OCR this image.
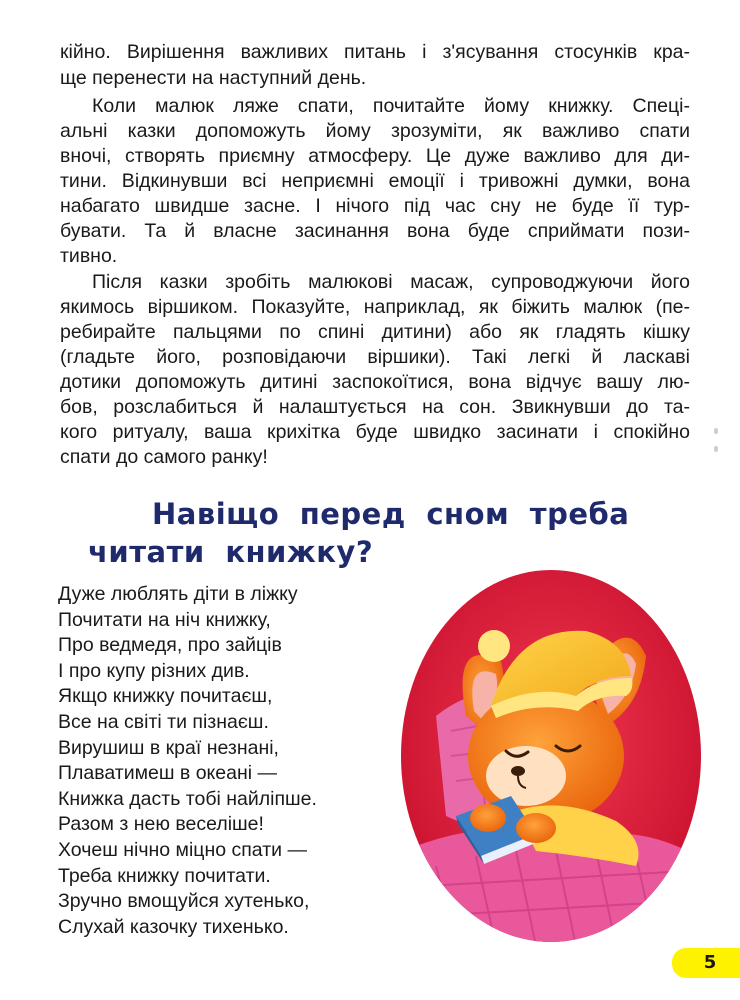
кійно. Вирішення важливих питань і з'ясування стосунків кра-
ще перенести на наступний день.
Коли малюк ляже спати, почитайте йому книжку. Спеці-
альні казки допоможуть йому зрозуміти, як важливо спати
вночі, створять приємну атмосферу. Це дуже важливо для ди-
тини. Відкинувши всі неприємні емоції і тривожні думки, вона
набагато швидше засне. І нічого під час сну не буде її тур-
бувати. Та й власне засинання вона буде сприймати пози-
тивно.
Після казки зробіть малюкові масаж, супроводжуючи його
якимось віршиком. Показуйте, наприклад, як біжить малюк (пе-
ребирайте пальцями по спині дитини) або як гладять кішку
(гладьте його, розповідаючи віршики). Такі легкі й ласкаві
дотики допоможуть дитині заспокоїтися, вона відчує вашу лю-
бов, розслабиться й налаштується на сон. Звикнувши до та-
кого ритуалу, ваша крихітка буде швидко засинати і спокійно
спати до самого ранку!
Навіщо перед сном треба
читати книжку?
Дуже люблять діти в ліжку
Почитати на ніч книжку,
Про ведмедя, про зайців
І про купу різних див.
Якщо книжку почитаєш,
Все на світі ти пізнаєш.
Вирушиш в краї незнані,
Плаватимеш в океані —
Книжка дасть тобі найліпше.
Разом з нею веселіше!
Хочеш нічно міцно спати —
Треба книжку почитати.
Зручно вмощуйся хутенько,
Слухай казочку тихенько.
5
